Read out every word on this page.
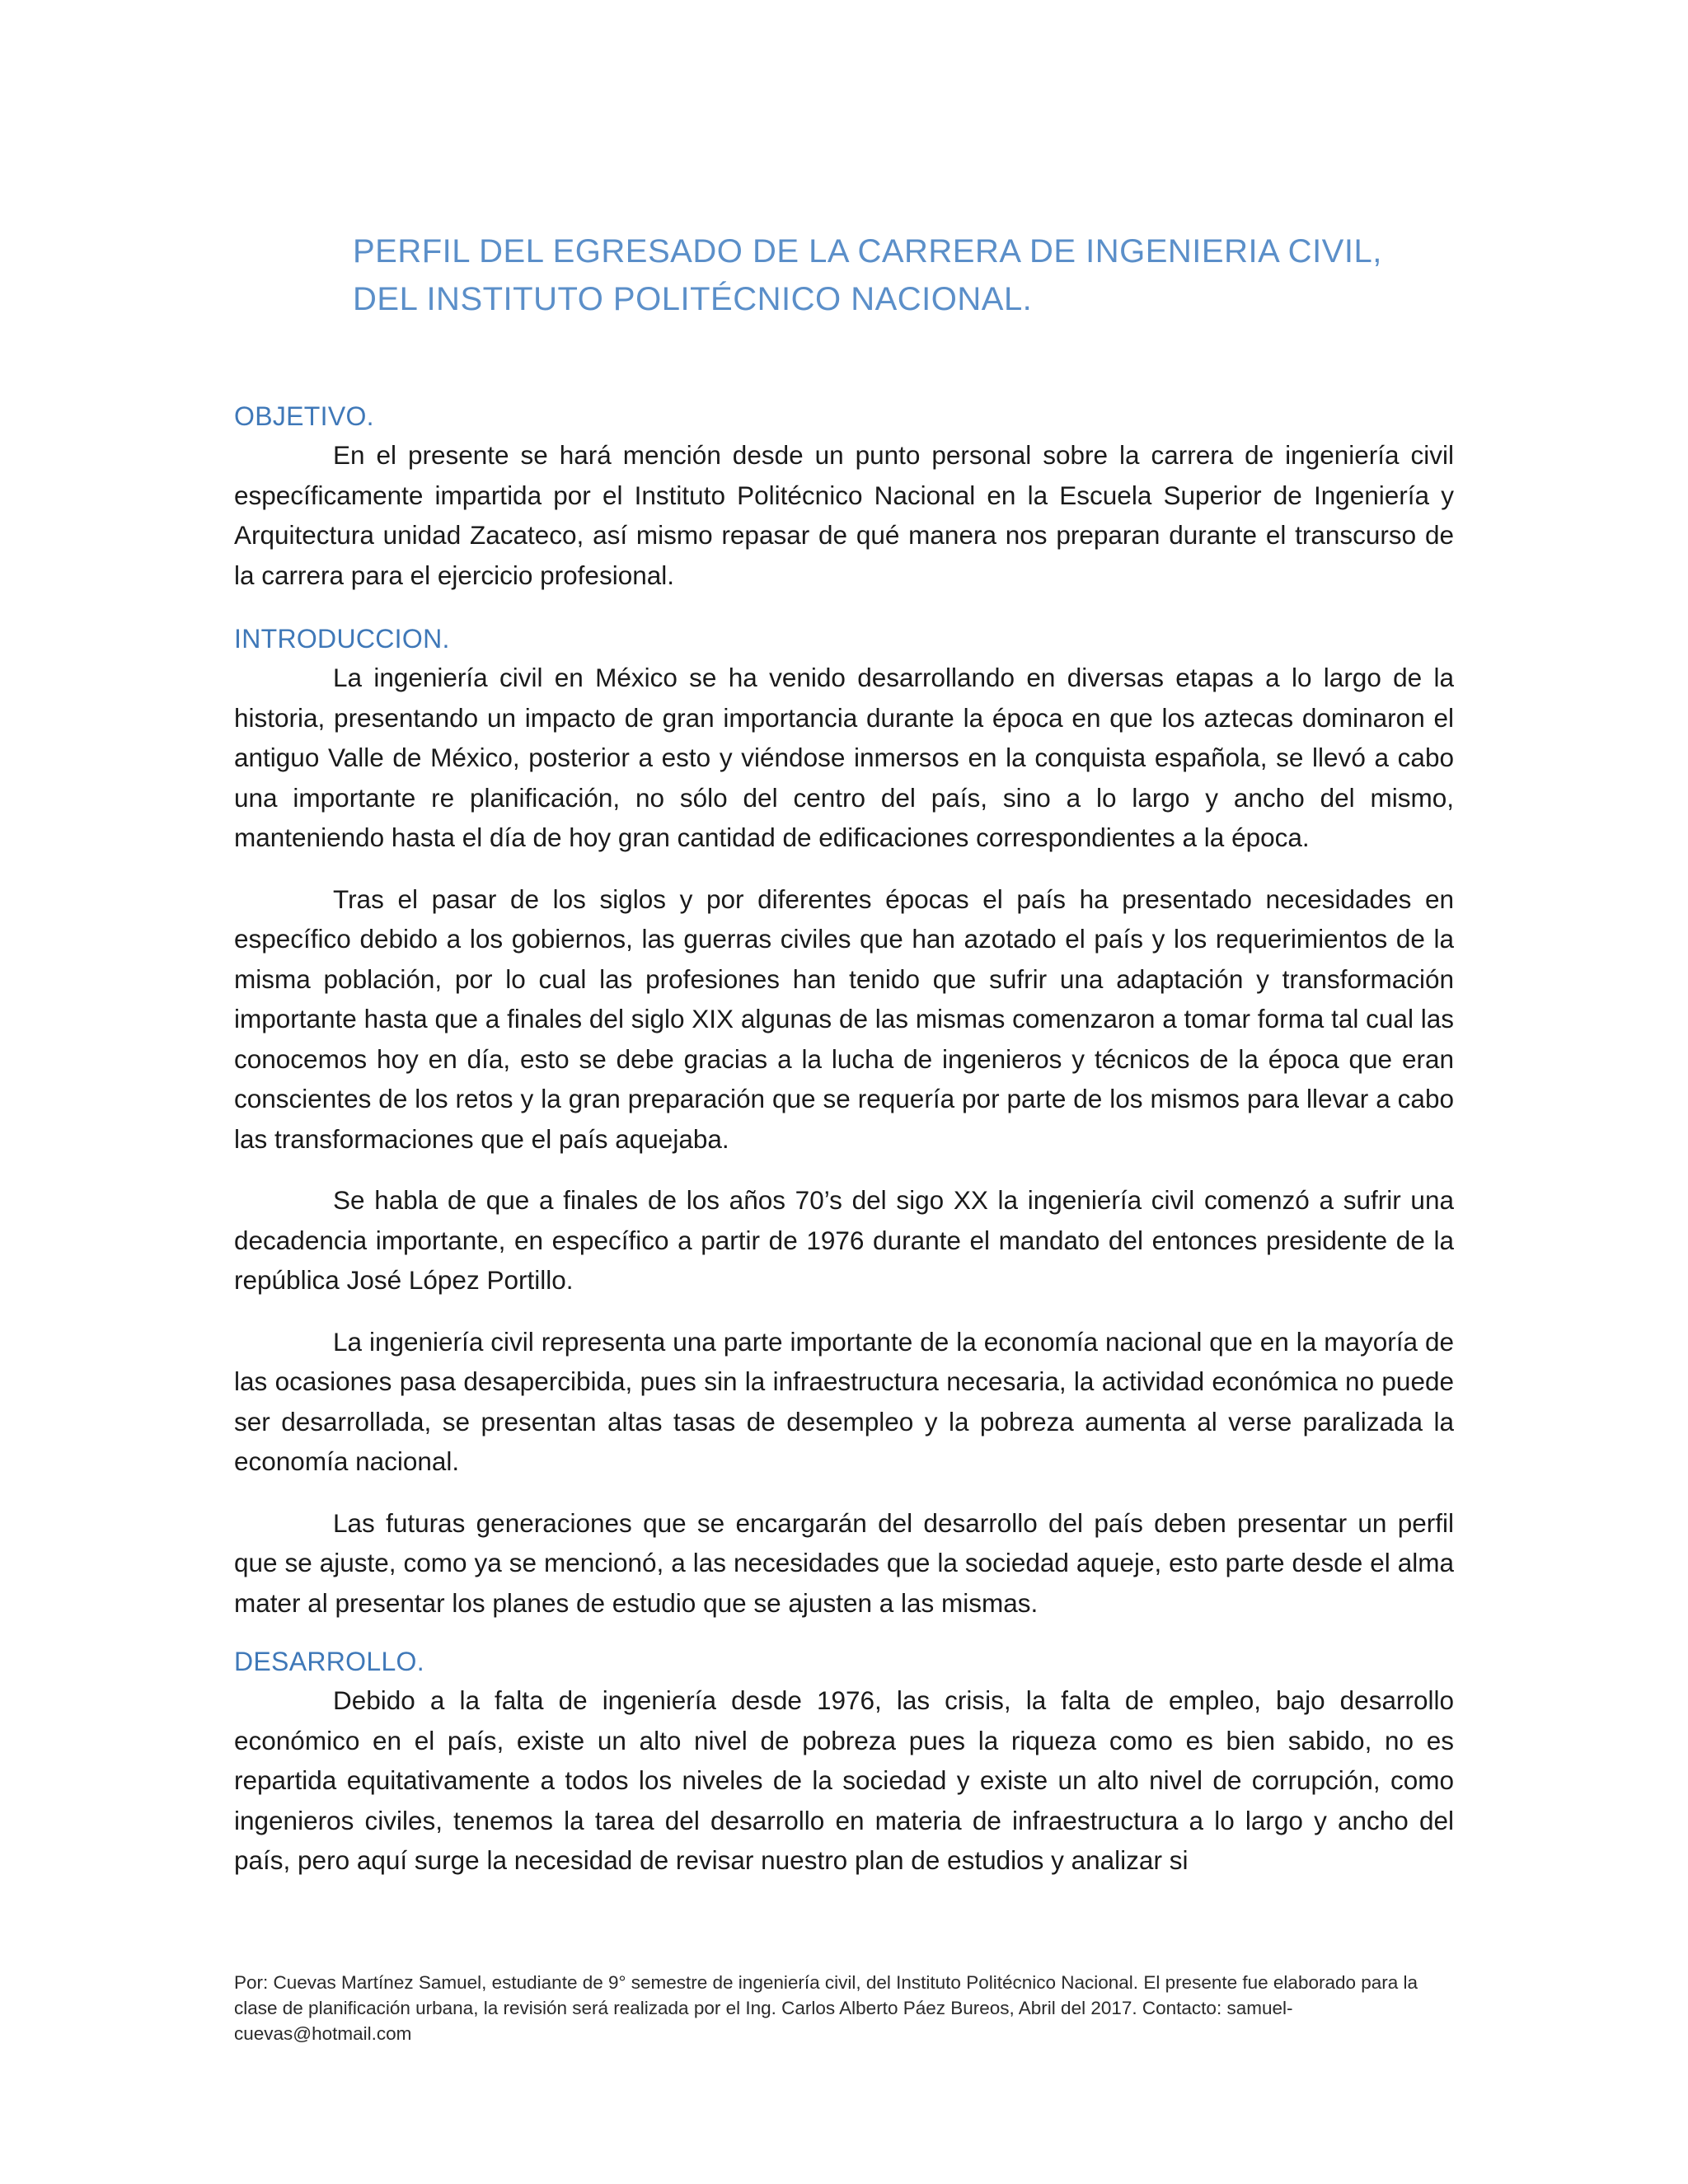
PERFIL DEL EGRESADO DE LA CARRERA DE INGENIERIA CIVIL,
DEL INSTITUTO POLITÉCNICO NACIONAL.
OBJETIVO.

En el presente se hará mención desde un punto personal sobre la carrera de ingeniería civil específicamente impartida por el Instituto Politécnico Nacional en la Escuela Superior de Ingeniería y Arquitectura unidad Zacateco, así mismo repasar de qué manera nos preparan durante el transcurso de la carrera para el ejercicio profesional.

INTRODUCCION.

La ingeniería civil en México se ha venido desarrollando en diversas etapas a lo largo de la historia, presentando un impacto de gran importancia durante la época en que los aztecas dominaron el antiguo Valle de México, posterior a esto y viéndose inmersos en la conquista española, se llevó a cabo una importante re planificación, no sólo del centro del país, sino a lo largo y ancho del mismo, manteniendo hasta el día de hoy gran cantidad de edificaciones correspondientes a la época.

Tras el pasar de los siglos y por diferentes épocas el país ha presentado necesidades en específico debido a los gobiernos, las guerras civiles que han azotado el país y los requerimientos de la misma población, por lo cual las profesiones han tenido que sufrir una adaptación y transformación importante hasta que a finales del siglo XIX algunas de las mismas comenzaron a tomar forma tal cual las conocemos hoy en día, esto se debe gracias a la lucha de ingenieros y técnicos de la época que eran conscientes de los retos y la gran preparación que se requería por parte de los mismos para llevar a cabo las transformaciones que el país aquejaba.

Se habla de que a finales de los años 70’s del sigo XX la ingeniería civil comenzó a sufrir una decadencia importante, en específico a partir de 1976 durante el mandato del entonces presidente de la república José López Portillo.

La ingeniería civil representa una parte importante de la economía nacional que en la mayoría de las ocasiones pasa desapercibida, pues sin la infraestructura necesaria, la actividad económica no puede ser desarrollada, se presentan altas tasas de desempleo y la pobreza aumenta al verse paralizada la economía nacional.

Las futuras generaciones que se encargarán del desarrollo del país deben presentar un perfil que se ajuste, como ya se mencionó, a las necesidades que la sociedad aqueje, esto parte desde el alma mater al presentar los planes de estudio que se ajusten a las mismas.

DESARROLLO.

Debido a la falta de ingeniería desde 1976, las crisis, la falta de empleo, bajo desarrollo económico en el país, existe un alto nivel de pobreza pues la riqueza como es bien sabido, no es repartida equitativamente a todos los niveles de la sociedad y existe un alto nivel de corrupción, como ingenieros civiles, tenemos la tarea del desarrollo en materia de infraestructura a lo largo y ancho del país, pero aquí surge la necesidad de revisar nuestro plan de estudios y analizar si

Por: Cuevas Martínez Samuel, estudiante de 9° semestre de ingeniería civil, del Instituto Politécnico Nacional. El presente fue elaborado para la clase de planificación urbana, la revisión será realizada por el Ing. Carlos Alberto Páez Bureos, Abril del 2017. Contacto: samuel-cuevas@hotmail.com
